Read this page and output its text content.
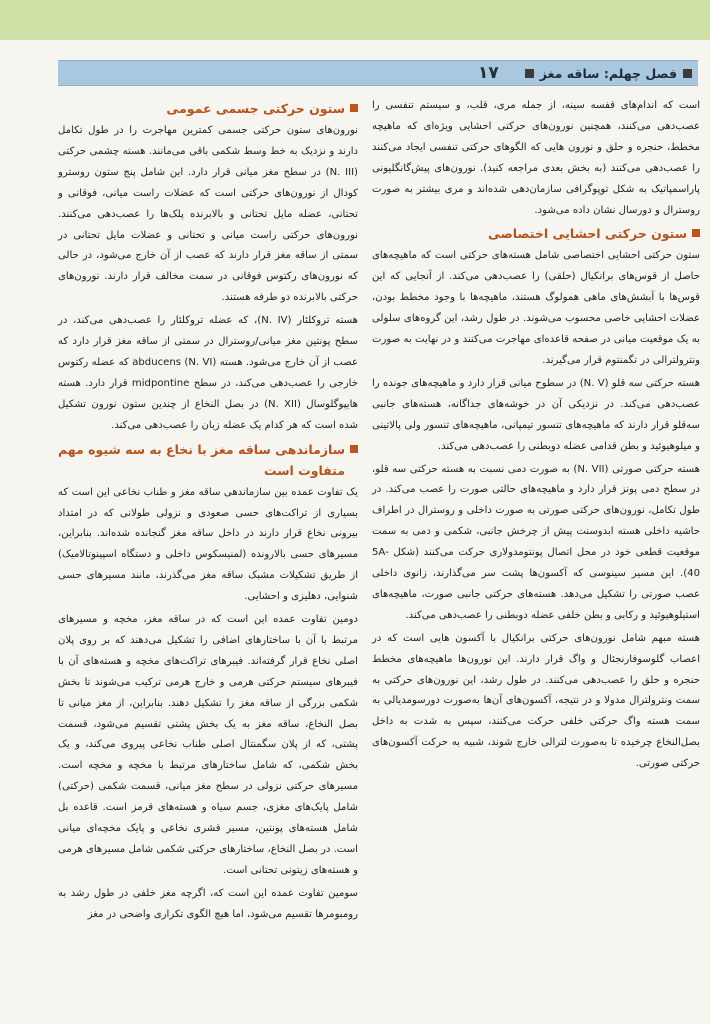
فصل چهلم: ساقه مغز
۱۷

است که اندام‌های قفسه سینه، از جمله مری، قلب، و سیستم تنفسی را عصب‌دهی می‌کنند، همچنین نورون‌های حرکتی احشایی ویژه‌ای که ماهیچه مخطط، حنجره و حلق و نورون هایی که الگوهای حرکتی تنفسی ایجاد می‌کنند را عصب‌دهی می‌کنند (به بخش بعدی مراجعه کنید). نورون‌های پیش‌گانگلیونی پاراسمپاتیک به شکل توپوگرافی سازمان‌دهی شده‌اند و مری بیشتر به صورت روسترال و دورسال نشان داده می‌شود.

ستون حرکتی احشایی اختصاصی

ستون حرکتی احشایی اختصاصی شامل هسته‌های حرکتی است که ماهیچه‌های حاصل از قوس‌های برانکیال (حلقی) را عصب‌دهی می‌کند. از آنجایی که این قوس‌ها با آبشش‌های ماهی همولوگ هستند، ماهیچه‌ها با وجود مخطط بودن، عضلات احشایی خاصی محسوب می‌شوند. در طول رشد، این گروه‌های سلولی به یک موقعیت میانی در صفحه قاعده‌ای مهاجرت می‌کنند و در نهایت به صورت ونترولترالی در تگمنتوم قرار می‌گیرند.

هسته حرکتی سه قلو (N. V) در سطوح میانی قرار دارد و ماهیچه‌های جونده را عصب‌دهی می‌کند. در نزدیکی آن در خوشه‌های جداگانه، هسته‌های جانبی سه‌قلو قرار دارند که ماهیچه‌های تنسور تیمپانی، ماهیچه‌های تنسور ولی پالاتینی و میلوهیوئید و بطن قدامی عضله دوبطنی را عصب‌دهی می‌کند.

هسته حرکتی صورتی (N. VII) به صورت دمی نسبت به هسته حرکتی سه قلو، در سطح دمی پونز قرار دارد و ماهیچه‌های حالتی صورت را عصب می‌کند. در طول تکامل، نورون‌های حرکتی صورتی به صورت داخلی و روسترال در اطراف حاشیه داخلی هسته ابدوسنت پیش از چرخش جانبی، شکمی و دمی به سمت موقعیت قطعی خود در محل اتصال پونتومدولاری حرکت می‌کنند (شکل 5A-40). این مسیر سینوسی که آکسون‌ها پشت سر می‌گذارند، زانوی داخلی عصب صورتی را تشکیل می‌دهد. هسته‌های حرکتی جانبی صورت، ماهیچه‌های استیلوهیوئید و رکابی و بطن خلفی عضله دوبطنی را عصب‌دهی می‌کند.

هسته مبهم شامل نورون‌های حرکتی برانکیال با آکسون هایی است که در اعصاب گلوسوفارنجئال و واگ قرار دارند. این نورون‌ها ماهیچه‌های مخطط حنجره و حلق را عصب‌دهی می‌کنند. در طول رشد، این نورون‌های حرکتی به سمت ونترولترال مدولا و در نتیجه، آکسون‌های آن‌ها به‌صورت دورسومدیالی به سمت هسته واگ حرکتی خلفی حرکت می‌کنند، سپس به شدت به داخل بصل‌النخاع چرخیده تا به‌صورت لترالی خارج شوند، شبیه به حرکت آکسون‌های حرکتی صورتی.

ستون حرکتی جسمی عمومی

نورون‌های ستون حرکتی جسمی کمترین مهاجرت را در طول تکامل دارند و نزدیک به خط وسط شکمی باقی می‌مانند. هسته چشمی حرکتی (N. III) در سطح مغز میانی قرار دارد. این شامل پنج ستون روسترو کودال از نورون‌های حرکتی است که عضلات راست میانی، فوقانی و تحتانی، عضله مایل تحتانی و بالابرنده پلک‌ها را عصب‌دهی می‌کنند. نورون‌های حرکتی راست میانی و تحتانی و عضلات مایل تحتانی در سمتی از ساقه مغز قرار دارند که عصب از آن خارج می‌شود، در حالی که نورون‌های رکتوس فوقانی در سمت مخالف قرار دارند. نورون‌های حرکتی بالابرنده دو طرفه هستند.

هسته تروکلئار (N. IV)، که عضله تروکلئار را عصب‌دهی می‌کند، در سطح پونتین مغز میانی/روسترال در سمتی از ساقه مغز قرار دارد که عصب از آن خارج می‌شود. هسته abducens (N. VI) که عضله رکتوس خارجی را عصب‌دهی می‌کند، در سطح midpontine قرار دارد. هسته هایپوگلوسال (N. XII) در بصل النخاع از چندین ستون نورون تشکیل شده است که هر کدام یک عضله زبان را عصب‌دهی می‌کند.

سازماندهی ساقه مغز با نخاع به سه شیوه مهم متفاوت است

یک تفاوت عمده بین سازماندهی ساقه مغز و طناب نخاعی این است که بسیاری از تراکت‌های حسی صعودی و نزولی طولانی که در امتداد بیرونی نخاع قرار دارند در داخل ساقه مغز گنجانده شده‌اند. بنابراین، مسیرهای حسی بالارونده (لمنیسکوس داخلی و دستگاه اسپینوتالامیک) از طریق تشکیلات مشبک ساقه مغز می‌گذرند، مانند مسیرهای حسی شنوایی، دهلیزی و احشایی.

دومین تفاوت عمده این است که در ساقه مغز، مخچه و مسیرهای مرتبط با آن با ساختارهای اضافی را تشکیل می‌دهند که بر روی پلان اصلی نخاع قرار گرفته‌اند. فیبرهای تراکت‌های مخچه و هسته‌های آن با فیبرهای سیستم حرکتی هرمی و خارج هرمی ترکیب می‌شوند تا بخش شکمی بزرگی از ساقه مغز را تشکیل دهند. بنابراین، از مغز میانی تا بصل النخاع، ساقه مغز به یک بخش پشتی تقسیم می‌شود، قسمت پشتی، که از پلان سگمنتال اصلی طناب نخاعی پیروی می‌کند، و یک بخش شکمی، که شامل ساختارهای مرتبط با مخچه و مخچه است. مسیرهای حرکتی نزولی در سطح مغز میانی، قسمت شکمی (حرکتی) شامل پایک‌های مغزی، جسم سیاه و هسته‌های قرمز است. قاعده بل شامل هسته‌های پونتین، مسیر قشری نخاعی و پایک مخچه‌ای میانی است. در بصل النخاع، ساختارهای حرکتی شکمی شامل مسیرهای هرمی و هسته‌های زیتونی تحتانی است.

سومین تفاوت عمده این است که، اگرچه مغز خلفی در طول رشد به رومبومرها تقسیم می‌شود، اما هیچ الگوی تکراری واضحی در مغز
